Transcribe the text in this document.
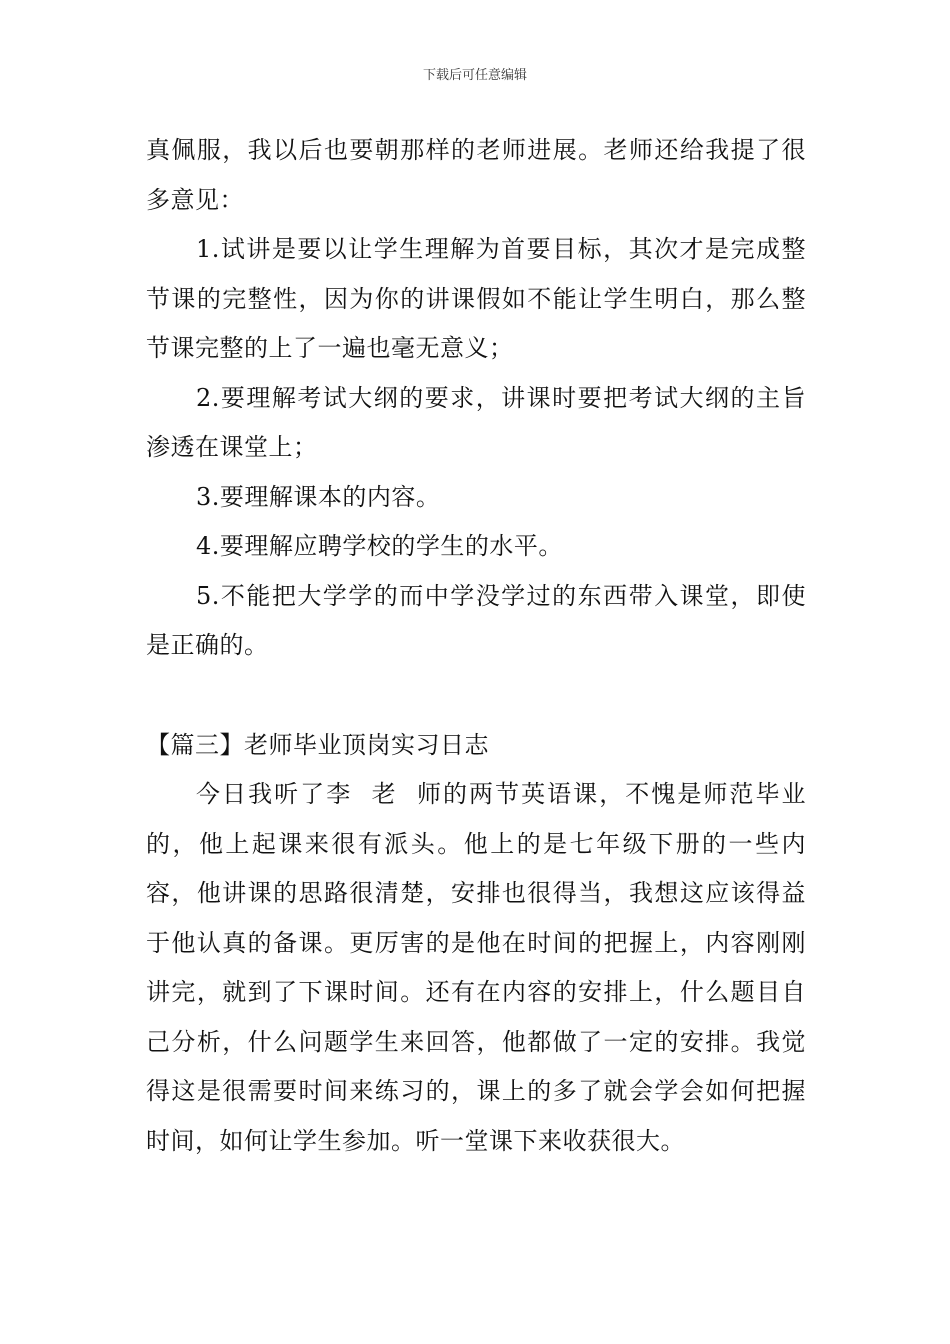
下载后可任意编辑

真佩服，我以后也要朝那样的老师进展。老师还给我提了很多意见：

1.试讲是要以让学生理解为首要目标，其次才是完成整节课的完整性，因为你的讲课假如不能让学生明白，那么整节课完整的上了一遍也毫无意义；

2.要理解考试大纲的要求，讲课时要把考试大纲的主旨渗透在课堂上；

3.要理解课本的内容。

4.要理解应聘学校的学生的水平。

5.不能把大学学的而中学没学过的东西带入课堂，即使是正确的。

【篇三】老师毕业顶岗实习日志

今日我听了李  老  师的两节英语课，不愧是师范毕业的，他上起课来很有派头。他上的是七年级下册的一些内容，他讲课的思路很清楚，安排也很得当，我想这应该得益于他认真的备课。更厉害的是他在时间的把握上，内容刚刚讲完，就到了下课时间。还有在内容的安排上，什么题目自己分析，什么问题学生来回答，他都做了一定的安排。我觉得这是很需要时间来练习的，课上的多了就会学会如何把握时间，如何让学生参加。听一堂课下来收获很大。
